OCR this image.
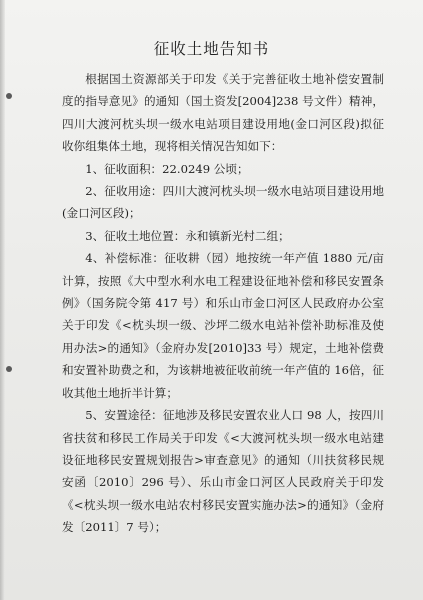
征收土地告知书

根据国土资源部关于印发《关于完善征收土地补偿安置制度的指导意见》的通知（国土资发[2004]238 号文件）精神，四川大渡河枕头坝一级水电站项目建设用地(金口河区段)拟征收你组集体土地，现将相关情况告知如下：

1、征收面积：22.0249 公顷；

2、征收用途：四川大渡河枕头坝一级水电站项目建设用地(金口河区段)；

3、征收土地位置：永和镇新光村二组；

4、补偿标准：征收耕（园）地按统一年产值 1880 元/亩计算，按照《大中型水利水电工程建设征地补偿和移民安置条例》（国务院令第 417 号）和乐山市金口河区人民政府办公室关于印发《<枕头坝一级、沙坪二级水电站补偿补助标准及使用办法>的通知》（金府办发[2010]33 号）规定，土地补偿费和安置补助费之和，为该耕地被征收前统一年产值的 16倍，征收其他土地折半计算；

5、安置途径：征地涉及移民安置农业人口 98 人，按四川省扶贫和移民工作局关于印发《<大渡河枕头坝一级水电站建设征地移民安置规划报告>审查意见》的通知（川扶贫移民规安函〔2010〕296 号）、乐山市金口河区人民政府关于印发《<枕头坝一级水电站农村移民安置实施办法>的通知》（金府发〔2011〕7 号）；
